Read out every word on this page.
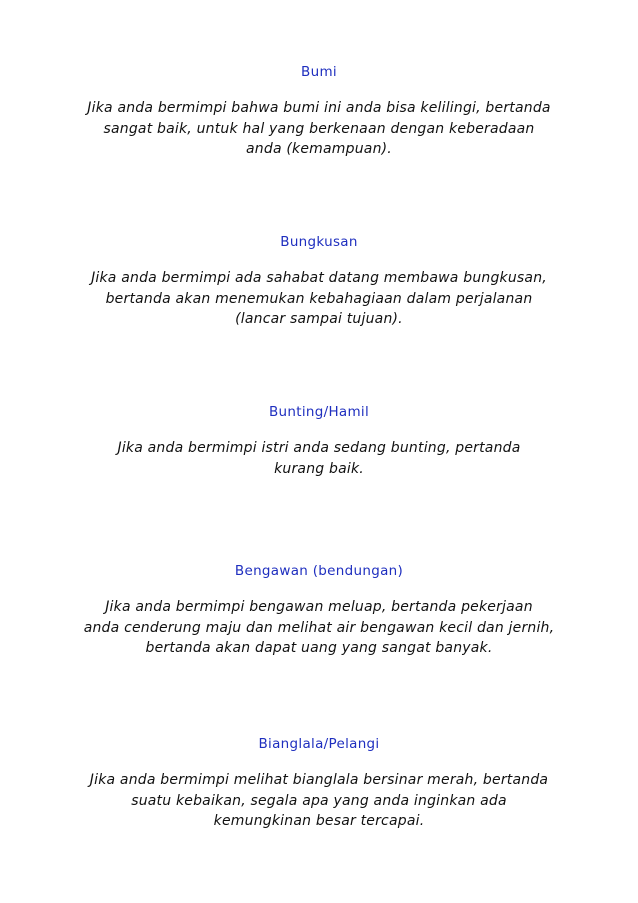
Bumi
Jika anda bermimpi bahwa bumi ini anda bisa kelilingi, bertanda
sangat baik, untuk hal yang berkenaan dengan keberadaan
anda (kemampuan).
Bungkusan
Jika anda bermimpi ada sahabat datang membawa bungkusan,
bertanda akan menemukan kebahagiaan dalam perjalanan
(lancar sampai tujuan).
Bunting/Hamil
Jika anda bermimpi istri anda sedang bunting, pertanda
kurang baik.
Bengawan (bendungan)
Jika anda bermimpi bengawan meluap, bertanda pekerjaan
anda cenderung maju dan melihat air bengawan kecil dan jernih,
bertanda akan dapat uang yang sangat banyak.
Bianglala/Pelangi
Jika anda bermimpi melihat bianglala bersinar merah, bertanda
suatu kebaikan, segala apa yang anda inginkan ada
kemungkinan besar tercapai.
